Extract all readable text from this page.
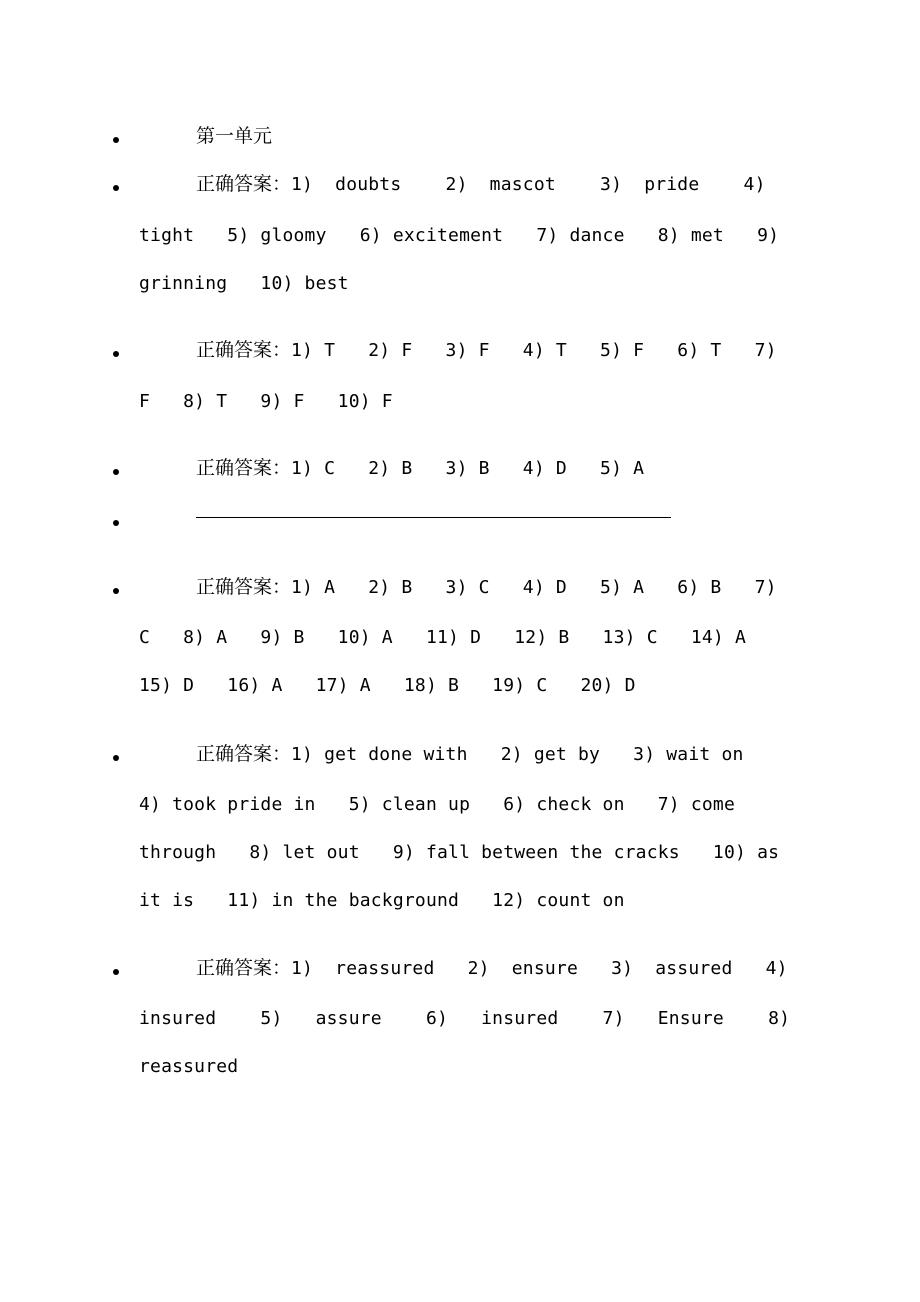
第一单元
正确答案：1)  doubts    2)  mascot    3)  pride    4)
tight   5) gloomy   6) excitement   7) dance   8) met   9)
grinning   10) best
正确答案：1) T   2) F   3) F   4) T   5) F   6) T   7)
F   8) T   9) F   10) F
正确答案：1) C   2) B   3) B   4) D   5) A
正确答案：1) A   2) B   3) C   4) D   5) A   6) B   7)
C   8) A   9) B   10) A   11) D   12) B   13) C   14) A
15) D   16) A   17) A   18) B   19) C   20) D
正确答案：1) get done with   2) get by   3) wait on
4) took pride in   5) clean up   6) check on   7) come
through   8) let out   9) fall between the cracks   10) as
it is   11) in the background   12) count on
正确答案：1)  reassured   2)  ensure   3)  assured   4)
insured    5)   assure    6)   insured    7)   Ensure    8)
reassured
